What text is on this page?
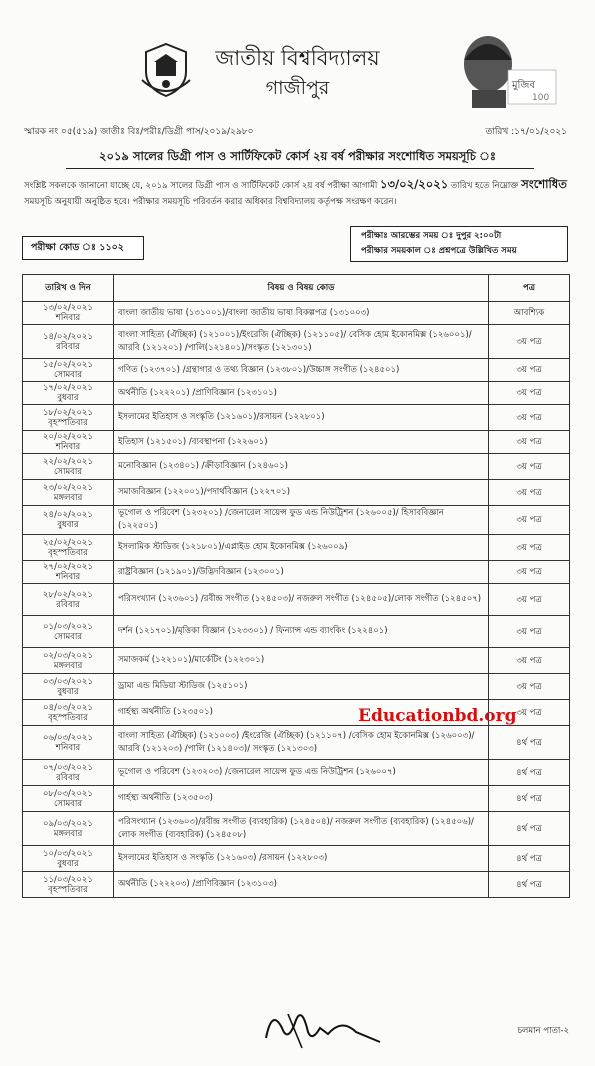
জাতীয় বিশ্ববিদ্যালয়
গাজীপুর	মুজিব
100
স্মারক নং ০৫(৫১৯) জাতীঃ বিঃ/পরীঃ/ডিগ্রী পাস/২০১৯/২৯৮০	তারিখ :১৭/০১/২০২১
২০১৯ সালের ডিগ্রী পাস ও সার্টিফিকেট কোর্স ২য় বর্ষ পরীক্ষার সংশোধিত সময়সূচি ঃ
সংশ্লিষ্ট সকলকে জানানো যাচ্ছে যে, ২০১৯ সালের ডিগ্রী পাস ও সার্টিফিকেট কোর্স ২য় বর্ষ পরীক্ষা আগামী ১৩/০২/২০২১ তারিখ হতে নিম্নোক্ত সংশোধিত সময়সূচি অনুযায়ী অনুষ্ঠিত হবে। পরীক্ষার সময়সূচি পরিবর্তন করার অধিকার বিশ্ববিদ্যালয় কর্তৃপক্ষ সংরক্ষণ করেন।
পরীক্ষা কোড ঃ ১১০২
পরীক্ষাঃ আরম্ভের সময় ঃ দুপুর ২:০০টা
পরীক্ষার সময়কাল ঃ প্রশ্নপত্রে উল্লিখিত সময়
তারিখ ও দিন	বিষয় ও বিষয় কোড	পত্র

১৩/০২/২০২১
শনিবার	বাংলা জাতীয় ভাষা (১৩১০০১)/বাংলা জাতীয় ভাষা বিকল্পপত্র (১৩১০০৩)	আবশ্যিক

১৪/০২/২০২১
রবিবার	বাংলা সাহিত্য (ঐচ্ছিক) (১২১০০১)/ইংরেজি (ঐচ্ছিক) (১২১১০৫)/ বেসিক হোম ইকোনমিক্স (১২৬০০১)/ আরবি (১২১২০১) /পালি(১২১৪০১)/সংস্কৃত (১২১৩০১)	৩য় পত্র

১৫/০২/২০২১
সোমবার	গণিত (১২৩৭০১) /গ্রন্থাগার ও তথ্য বিজ্ঞান (১২৩৮০১)/উচ্চাঙ্গ সংগীত (১২৪৫০১)	৩য় পত্র

১৭/০২/২০২১
বুধবার	অর্থনীতি (১২২২০১) /প্রাণিবিজ্ঞান (১২৩১০১)	৩য় পত্র

১৮/০২/২০২১
বৃহস্পতিবার	ইসলামের ইতিহাস ও সংস্কৃতি (১২১৬০১)/রসায়ন (১২২৮০১)	৩য় পত্র

২০/০২/২০২১
শনিবার	ইতিহাস (১২১৫০১) /ব্যবস্থাপনা (১২২৬০১)	৩য় পত্র

২২/০২/২০২১
সোমবার	মনোবিজ্ঞান (১২৩৪০১) /ক্রীড়াবিজ্ঞান (১২৪৬০১)	৩য় পত্র

২৩/০২/২০২১
মঙ্গলবার	সমাজবিজ্ঞান (১২২০০১)/পদার্থবিজ্ঞান (১২২৭০১)	৩য় পত্র

২৪/০২/২০২১
বুধবার	ভূগোল ও পরিবেশ (১২৩২০১) /জেনারেল সায়েন্স ফুড এন্ড নিউট্রিশন (১২৬০০৫)/ হিসাববিজ্ঞান (১২২৫০১)	৩য় পত্র

২৫/০২/২০২১
বৃহস্পতিবার	ইসলামিক স্টাডিজ (১২১৮০১)/এপ্লাইড হোম ইকোনমিক্স (১২৬০০৯)	৩য় পত্র

২৭/০২/২০২১
শনিবার	রাষ্ট্রবিজ্ঞান (১২১৯০১)/উদ্ভিদবিজ্ঞান (১২৩০০১)	৩য় পত্র

২৮/০২/২০২১
রবিবার	পরিসংখ্যান (১২৩৬০১) /রবীন্দ্র সংগীত (১২৪৫০৩)/ নজরুল সংগীত (১২৪৫০৫)/লোক সংগীত (১২৪৫০৭)	৩য় পত্র

০১/০৩/২০২১
সোমবার	দর্শন (১২১৭০১)/মৃত্তিকা বিজ্ঞান (১২৩৩০১) / ফিন্যান্স এন্ড ব্যাংকিং (১২২৪০১)	৩য় পত্র

০২/০৩/২০২১
মঙ্গলবার	সমাজকর্ম (১২২১০১)/মার্কেটিং (১২২৩০১)	৩য় পত্র

০৩/০৩/২০২১
বুধবার	ড্রামা এন্ড মিডিয়া স্টাডিজ (১২৫১০১)	৩য় পত্র

০৪/০৩/২০২১
বৃহস্পতিবার	গার্হস্থ্য অর্থনীতি (১২৩৫০১)	৩য় পত্র

০৬/০৩/২০২১
শনিবার	বাংলা সাহিত্য (ঐচ্ছিক) (১২১০০৩) /ইংরেজি (ঐচ্ছিক) (১২১১০৭) /বেসিক হোম ইকোনমিক্স (১২৬০০৩)/ আরবি (১২১২০৩) /পালি (১২১৪০৩)/ সংস্কৃত (১২১৩০৩)	৪র্থ পত্র

০৭/০৩/২০২১
রবিবার	ভূগোল ও পরিবেশ (১২৩২০৩) /জেনারেল সায়েন্স ফুড এন্ড নিউট্রিশন (১২৬০০৭)	৪র্থ পত্র

০৮/০৩/২০২১
সোমবার	গার্হস্থ্য অর্থনীতি (১২৩৫০৩)	৪র্থ পত্র

০৯/০৩/২০২১
মঙ্গলবার	পরিসংখ্যান (১২৩৬০৩)/রবীন্দ্র সংগীত (ব্যবহারিক) (১২৪৫০৪)/ নজরুল সংগীত (ব্যবহারিক) (১২৪৫০৬)/লোক সংগীত (ব্যবহারিক) (১২৪৫০৮)	৪র্থ পত্র

১০/০৩/২০২১
বুধবার	ইসলামের ইতিহাস ও সংস্কৃতি (১২১৬০৩) /রসায়ন (১২২৮০৩)	৪র্থ পত্র

১১/০৩/২০২১
বৃহস্পতিবার	অর্থনীতি (১২২২০৩) /প্রাণিবিজ্ঞান (১২৩১০৩)	৪র্থ পত্র
Educationbd.org
চলমান পাতা-২
